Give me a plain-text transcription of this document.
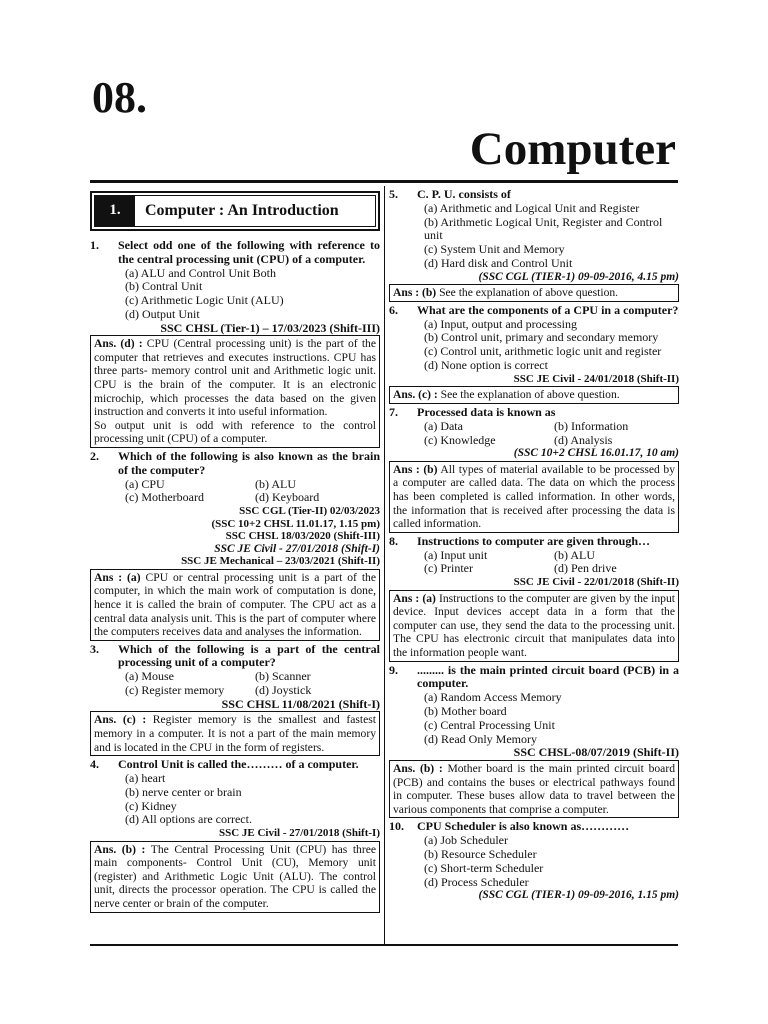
08.
Computer
1.	Computer : An Introduction
1.	Select odd one of the following with reference to the central processing unit (CPU) of a computer.
(a) ALU and Control Unit Both
(b) Contral Unit
(c) Arithmetic Logic Unit (ALU)
(d) Output Unit
SSC CHSL (Tier-1) – 17/03/2023 (Shift-III)
Ans. (d) : CPU (Central processing unit) is the part of the computer that retrieves and executes instructions. CPU has three parts- memory control unit and Arithmetic logic unit. CPU is the brain of the computer. It is an electronic microchip, which processes the data based on the given instruction and converts it into useful information.
So output unit is odd with reference to the control processing unit (CPU) of a computer.
2.	Which of the following is also known as the brain of the computer?
(a) CPU	(b) ALU
(c) Motherboard	(d) Keyboard
SSC CGL (Tier-II) 02/03/2023
(SSC 10+2 CHSL 11.01.17, 1.15 pm)
SSC CHSL 18/03/2020 (Shift-III)
SSC JE Civil - 27/01/2018 (Shift-I)
SSC JE Mechanical – 23/03/2021 (Shift-II)
Ans : (a) CPU or central processing unit is a part of the computer, in which the main work of computation is done, hence it is called the brain of computer. The CPU act as a central data analysis unit. This is the part of computer where the computers receives data and analyses the information.
3.	Which of the following is a part of the central processing unit of a computer?
(a) Mouse	(b) Scanner
(c) Register memory	(d) Joystick
SSC CHSL 11/08/2021 (Shift-I)
Ans. (c) : Register memory is the smallest and fastest memory in a computer. It is not a part of the main memory and is located in the CPU in the form of registers.
4.	Control Unit is called the……… of a computer.
(a) heart
(b) nerve center or brain
(c) Kidney
(d) All options are correct.
SSC JE Civil - 27/01/2018 (Shift-I)
Ans. (b) : The Central Processing Unit (CPU) has three main components- Control Unit (CU), Memory unit (register) and Arithmetic Logic Unit (ALU). The control unit, directs the processor operation. The CPU is called the nerve center or brain of the computer.
5.	C. P. U. consists of
(a) Arithmetic and Logical Unit and Register
(b) Arithmetic Logical Unit, Register and Control unit
(c) System Unit and Memory
(d) Hard disk and Control Unit
(SSC CGL (TIER-1) 09-09-2016, 4.15 pm)
Ans : (b) See the explanation of above question.
6.	What are the components of a CPU in a computer?
(a) Input, output and processing
(b) Control unit, primary and secondary memory
(c) Control unit, arithmetic logic unit and register
(d) None option is correct
SSC JE Civil - 24/01/2018 (Shift-II)
Ans. (c) : See the explanation of above question.
7.	Processed data is known as
(a) Data	(b) Information
(c) Knowledge	(d) Analysis
(SSC 10+2 CHSL 16.01.17, 10 am)
Ans : (b) All types of material available to be processed by a computer are called data. The data on which the process has been completed is called information. In other words, the information that is received after processing the data is called information.
8.	Instructions to computer are given through…
(a) Input unit	(b) ALU
(c) Printer	(d) Pen drive
SSC JE Civil - 22/01/2018 (Shift-II)
Ans : (a) Instructions to the computer are given by the input device. Input devices accept data in a form that the computer can use, they send the data to the processing unit. The CPU has electronic circuit that manipulates data into the information people want.
9.	......... is the main printed circuit board (PCB) in a computer.
(a) Random Access Memory
(b) Mother board
(c) Central Processing Unit
(d) Read Only Memory
SSC CHSL-08/07/2019 (Shift-II)
Ans. (b) : Mother board is the main printed circuit board (PCB) and contains the buses or electrical pathways found in computer. These buses allow data to travel between the various components that comprise a computer.
10.	CPU Scheduler is also known as…………
(a) Job Scheduler
(b) Resource Scheduler
(c) Short-term Scheduler
(d) Process Scheduler
(SSC CGL (TIER-1) 09-09-2016, 1.15 pm)
